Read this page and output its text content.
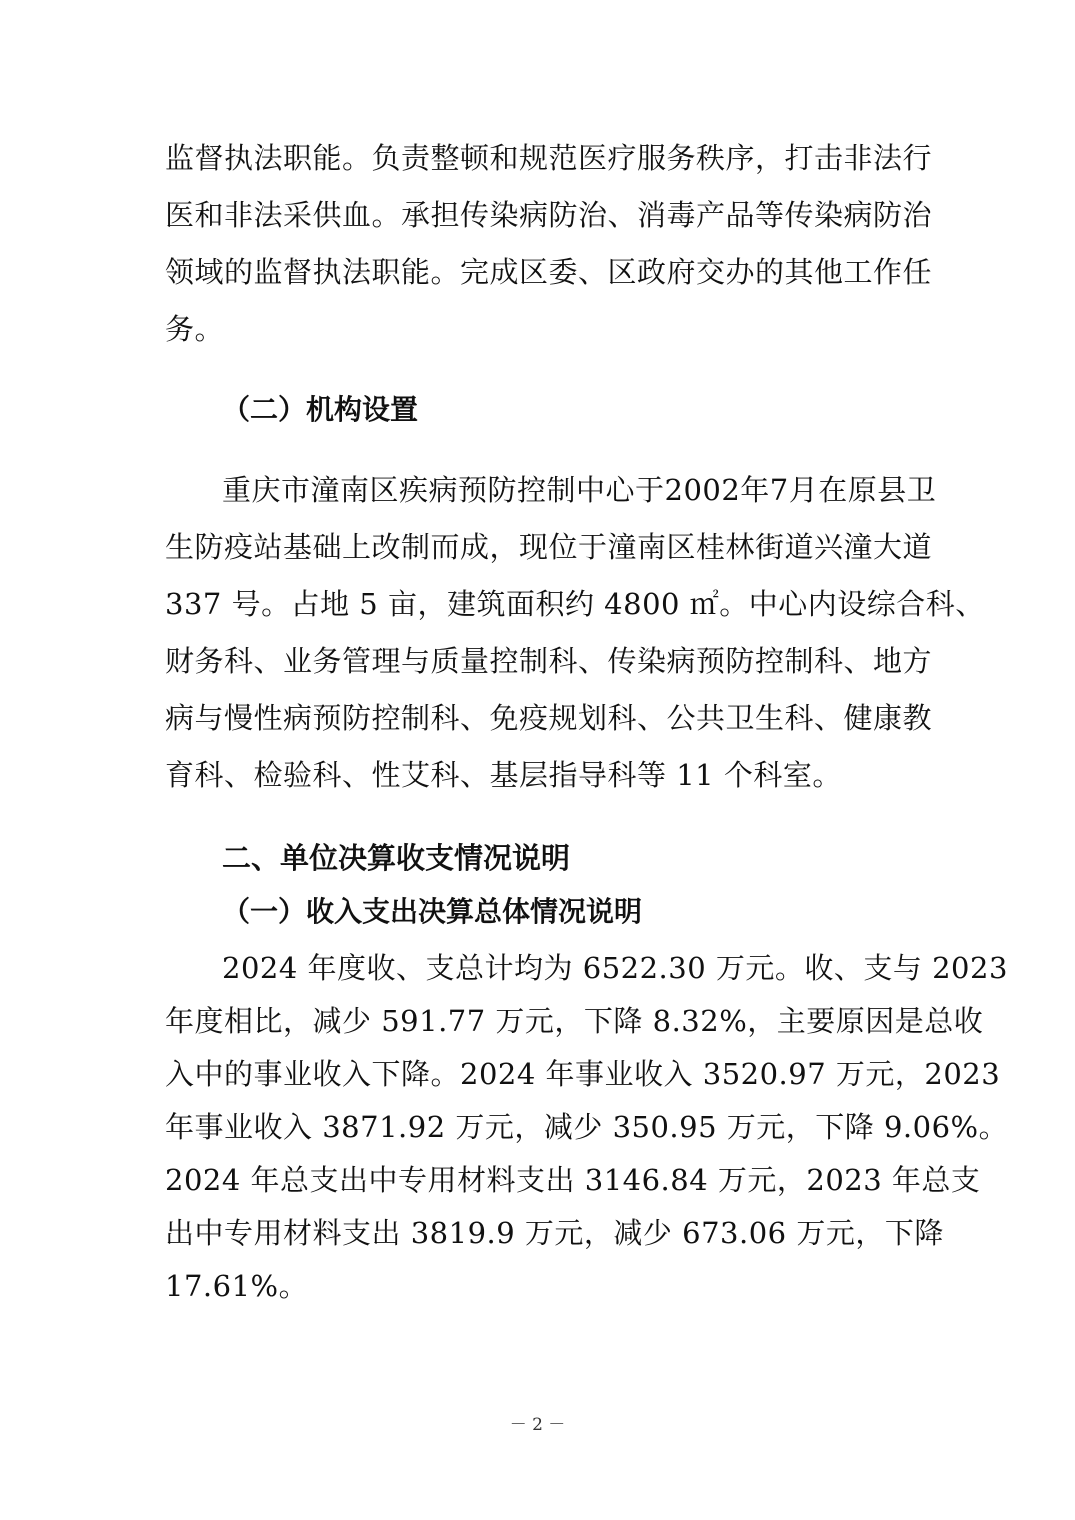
监督执法职能。负责整顿和规范医疗服务秩序，打击非法行
医和非法采供血。承担传染病防治、消毒产品等传染病防治
领域的监督执法职能。完成区委、区政府交办的其他工作任
务。
（二）机构设置
重庆市潼南区疾病预防控制中心于2002年7月在原县卫
生防疫站基础上改制而成，现位于潼南区桂林街道兴潼大道
337 号。占地 5 亩，建筑面积约 4800 ㎡。中心内设综合科、
财务科、业务管理与质量控制科、传染病预防控制科、地方
病与慢性病预防控制科、免疫规划科、公共卫生科、健康教
育科、检验科、性艾科、基层指导科等 11 个科室。
二、单位决算收支情况说明
（一）收入支出决算总体情况说明
2024 年度收、支总计均为 6522.30 万元。收、支与 2023
年度相比，减少 591.77 万元，下降 8.32%，主要原因是总收
入中的事业收入下降。2024 年事业收入 3520.97 万元，2023
年事业收入 3871.92 万元，减少 350.95 万元，下降 9.06%。
2024 年总支出中专用材料支出 3146.84 万元，2023 年总支
出中专用材料支出 3819.9 万元，减少 673.06 万元，下降
17.61%。
－ 2 －
